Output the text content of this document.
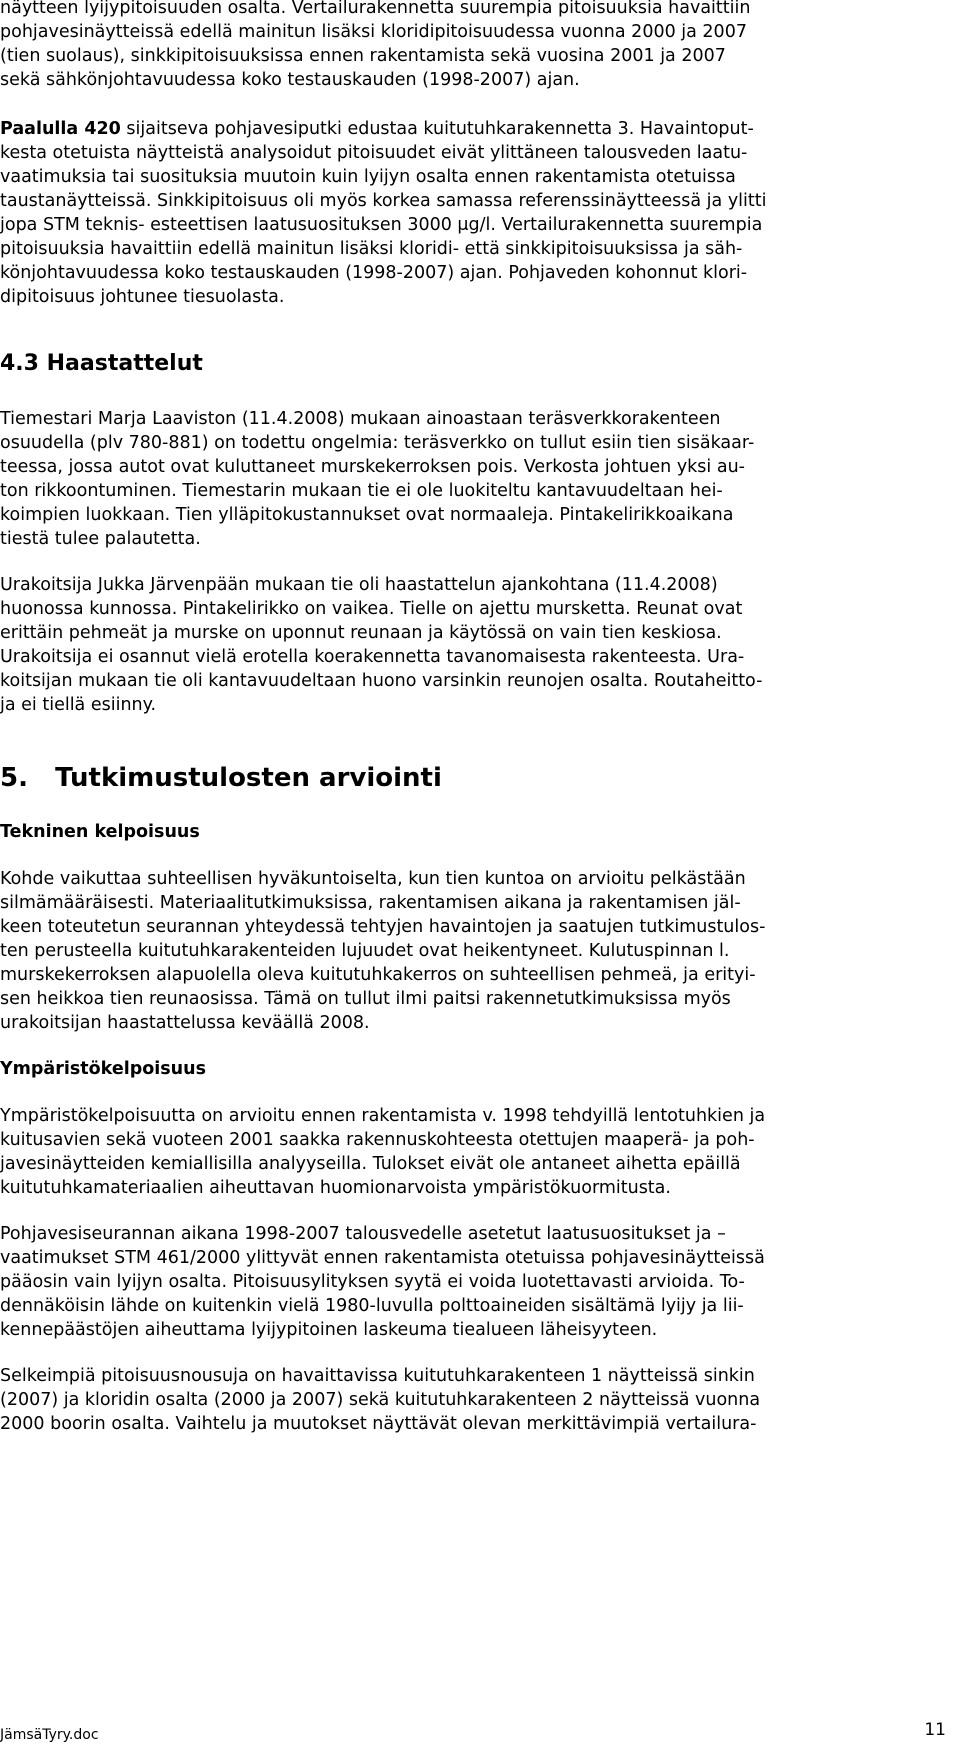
näytteen lyijypitoisuuden osalta. Vertailurakennetta suurempia pitoisuuksia havaittiin

pohjavesinäytteissä edellä mainitun lisäksi kloridipitoisuudessa vuonna 2000 ja 2007

(tien suolaus), sinkkipitoisuuksissa ennen rakentamista sekä vuosina 2001 ja 2007

sekä sähkönjohtavuudessa koko testauskauden (1998-2007) ajan.

Paalulla 420 sijaitseva pohjavesiputki edustaa kuitutuhkarakennetta 3. Havaintoput-

kesta otetuista näytteistä analysoidut pitoisuudet eivät ylittäneen talousveden laatu-

vaatimuksia tai suosituksia muutoin kuin lyijyn osalta ennen rakentamista otetuissa

taustanäytteissä. Sinkkipitoisuus oli myös korkea samassa referenssinäytteessä ja ylitti

jopa STM teknis- esteettisen laatusuosituksen 3000 μg/l. Vertailurakennetta suurempia

pitoisuuksia havaittiin edellä mainitun lisäksi kloridi- että sinkkipitoisuuksissa ja säh-

könjohtavuudessa koko testauskauden (1998-2007) ajan. Pohjaveden kohonnut klori-

dipitoisuus johtunee tiesuolasta.

4.3 Haastattelut

Tiemestari Marja Laaviston (11.4.2008) mukaan ainoastaan teräsverkkorakenteen

osuudella (plv 780-881) on todettu ongelmia: teräsverkko on tullut esiin tien sisäkaar-

teessa, jossa autot ovat kuluttaneet murskekerroksen pois. Verkosta johtuen yksi au-

ton rikkoontuminen. Tiemestarin mukaan tie ei ole luokiteltu kantavuudeltaan hei-

koimpien luokkaan. Tien ylläpitokustannukset ovat normaaleja. Pintakelirikkoaikana

tiestä tulee palautetta.

Urakoitsija Jukka Järvenpään mukaan tie oli haastattelun ajankohtana (11.4.2008)

huonossa kunnossa. Pintakelirikko on vaikea. Tielle on ajettu mursketta. Reunat ovat

erittäin pehmeät ja murske on uponnut reunaan ja käytössä on vain tien keskiosa.

Urakoitsija ei osannut vielä erotella koerakennetta tavanomaisesta rakenteesta. Ura-

koitsijan mukaan tie oli kantavuudeltaan huono varsinkin reunojen osalta. Routaheitto-

ja ei tiellä esiinny.

5.   Tutkimustulosten arviointi
Tekninen kelpoisuus

Kohde vaikuttaa suhteellisen hyväkuntoiselta, kun tien kuntoa on arvioitu pelkästään

silmämääräisesti. Materiaalitutkimuksissa, rakentamisen aikana ja rakentamisen jäl-

keen toteutetun seurannan yhteydessä tehtyjen havaintojen ja saatujen tutkimustulos-

ten perusteella kuitutuhkarakenteiden lujuudet ovat heikentyneet. Kulutuspinnan l.

murskekerroksen alapuolella oleva kuitutuhkakerros on suhteellisen pehmeä, ja erityi-

sen heikkoa tien reunaosissa. Tämä on tullut ilmi paitsi rakennetutkimuksissa myös

urakoitsijan haastattelussa keväällä 2008.

Ympäristökelpoisuus

Ympäristökelpoisuutta on arvioitu ennen rakentamista v. 1998 tehdyillä lentotuhkien ja

kuitusavien sekä vuoteen 2001 saakka rakennuskohteesta otettujen maaperä- ja poh-

javesinäytteiden kemiallisilla analyyseilla. Tulokset eivät ole antaneet aihetta epäillä

kuitutuhkamateriaalien aiheuttavan huomionarvoista ympäristökuormitusta.

Pohjavesiseurannan aikana 1998-2007 talousvedelle asetetut laatusuositukset ja –

vaatimukset STM 461/2000 ylittyvät ennen rakentamista otetuissa pohjavesinäytteissä

pääosin vain lyijyn osalta. Pitoisuusylityksen syytä ei voida luotettavasti arvioida. To-

dennäköisin lähde on kuitenkin vielä 1980-luvulla polttoaineiden sisältämä lyijy ja lii-

kennepäästöjen aiheuttama lyijypitoinen laskeuma tiealueen läheisyyteen.

Selkeimpiä pitoisuusnousuja on havaittavissa kuitutuhkarakenteen 1 näytteissä sinkin

(2007) ja kloridin osalta (2000 ja 2007) sekä kuitutuhkarakenteen 2 näytteissä vuonna

2000 boorin osalta. Vaihtelu ja muutokset näyttävät olevan merkittävimpiä vertailura-

JämsäTyry.doc	11
